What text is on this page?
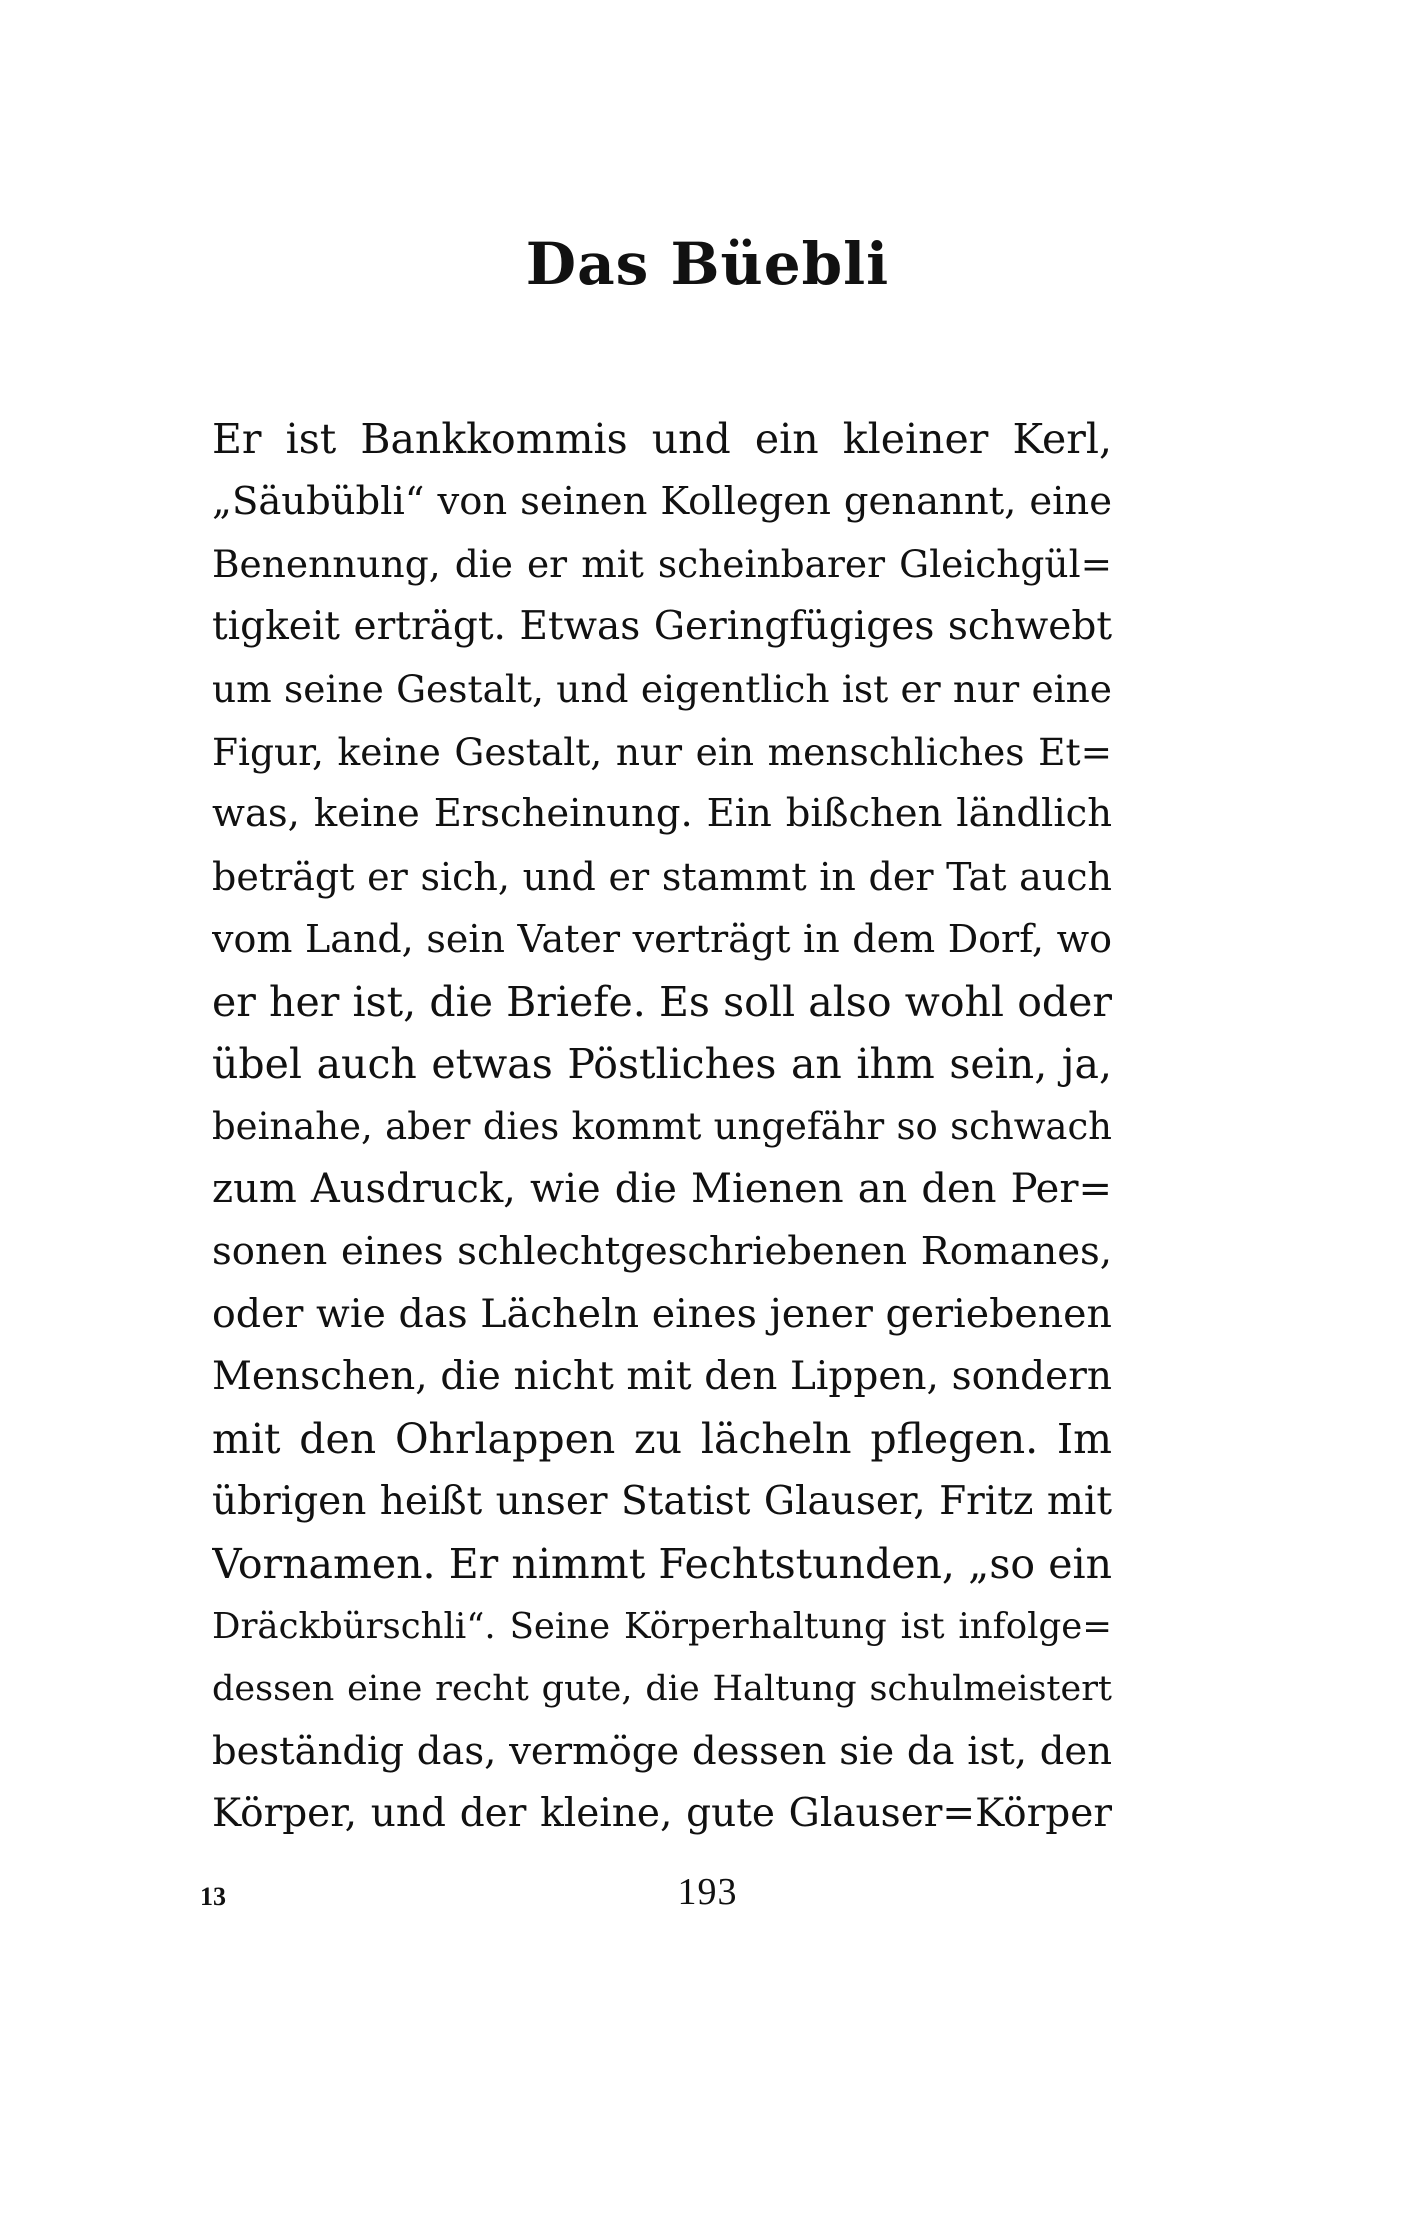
Das Büebli
Er ist Bankkommis und ein kleiner Kerl,
„Säubübli“ von seinen Kollegen genannt, eine
Benennung, die er mit scheinbarer Gleichgül=
tigkeit erträgt. Etwas Geringfügiges schwebt
um seine Gestalt, und eigentlich ist er nur eine
Figur, keine Gestalt, nur ein menschliches Et=
was, keine Erscheinung. Ein bißchen ländlich
beträgt er sich, und er stammt in der Tat auch
vom Land, sein Vater verträgt in dem Dorf, wo
er her ist, die Briefe. Es soll also wohl oder
übel auch etwas Pöstliches an ihm sein, ja,
beinahe, aber dies kommt ungefähr so schwach
zum Ausdruck, wie die Mienen an den Per=
sonen eines schlechtgeschriebenen Romanes,
oder wie das Lächeln eines jener geriebenen
Menschen, die nicht mit den Lippen, sondern
mit den Ohrlappen zu lächeln pflegen. Im
übrigen heißt unser Statist Glauser, Fritz mit
Vornamen. Er nimmt Fechtstunden, „so ein
Dräckbürschli“. Seine Körperhaltung ist infolge=
dessen eine recht gute, die Haltung schulmeistert
beständig das, vermöge dessen sie da ist, den
Körper, und der kleine, gute Glauser=Körper
13	193
